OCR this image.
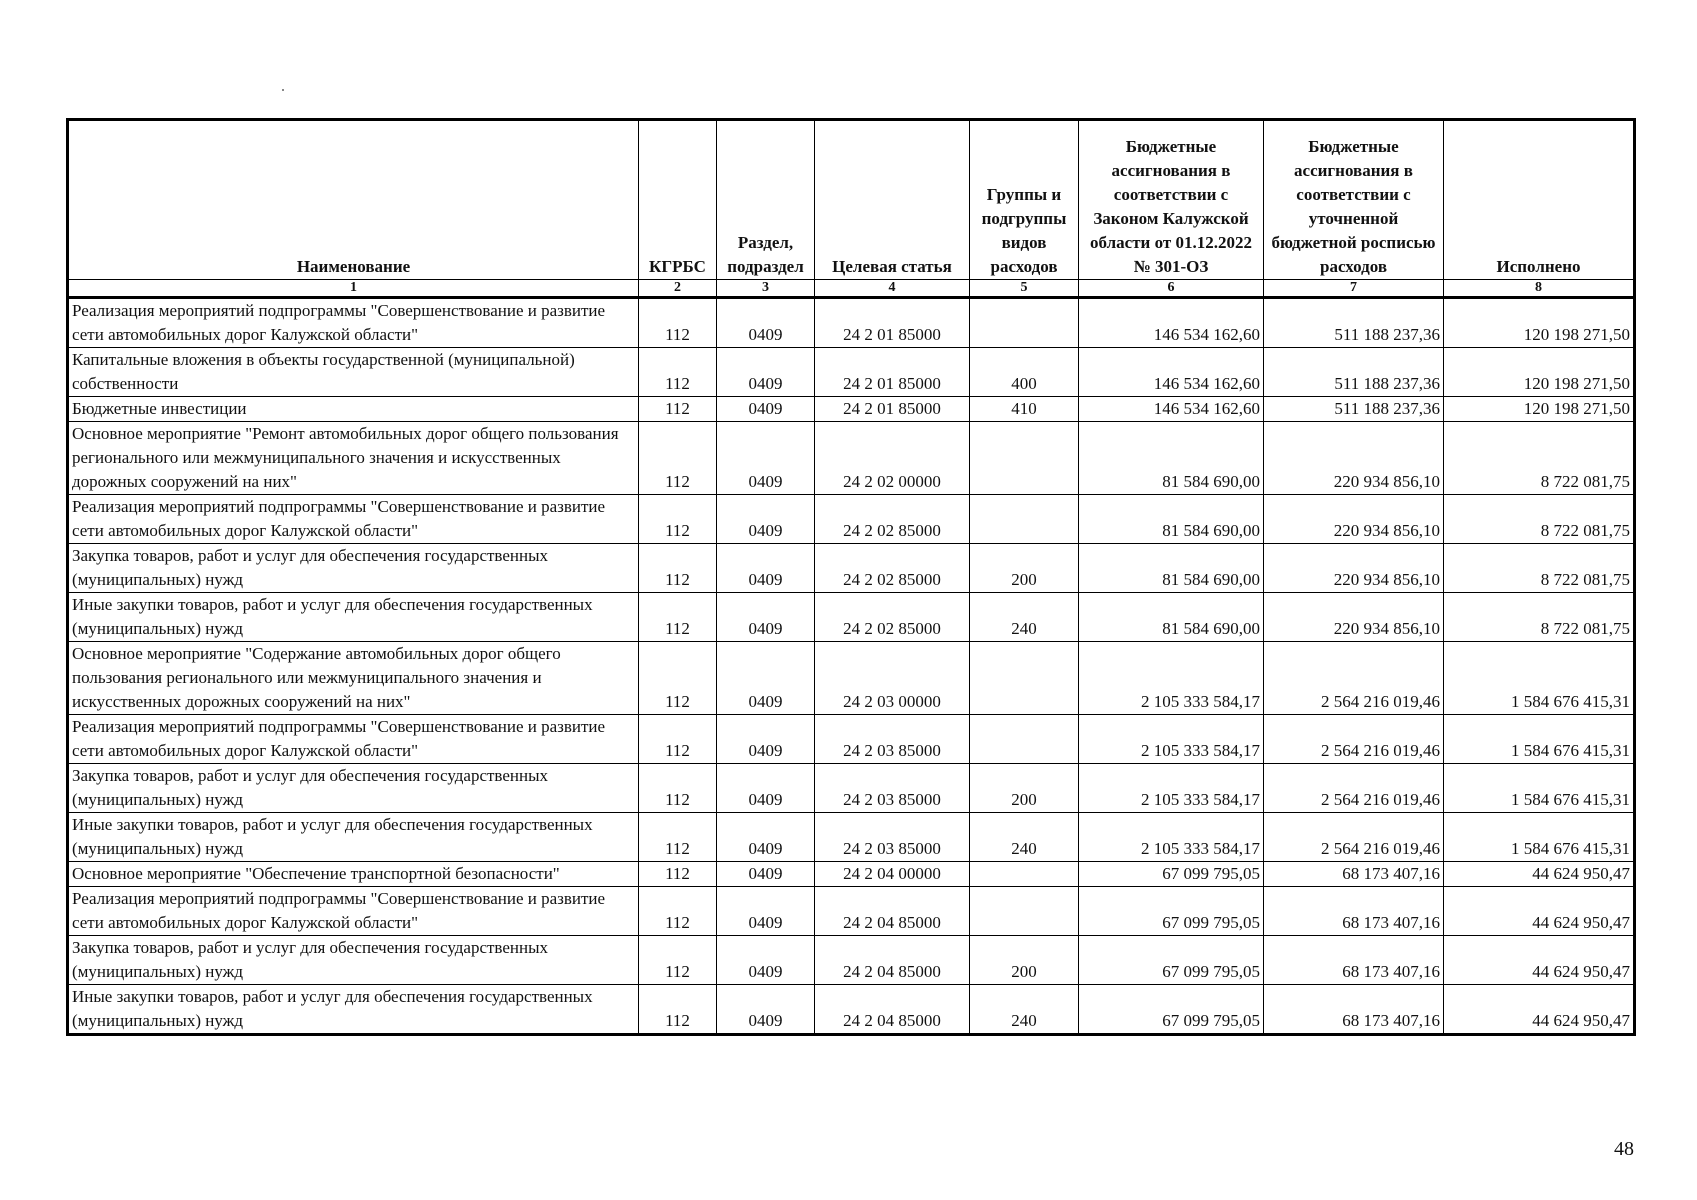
Наименование	КГРБС	Раздел, подраздел	Целевая статья	Группы и подгруппы видов расходов	Бюджетные ассигнования в соответствии с Законом Калужской области от 01.12.2022 № 301-ОЗ	Бюджетные ассигнования в соответствии с уточненной бюджетной росписью расходов	Исполнено
1	2	3	4	5	6	7	8
Реализация мероприятий подпрограммы "Совершенствование и развитие сети автомобильных дорог Калужской области"	112	0409	24 2 01 85000		146 534 162,60	511 188 237,36	120 198 271,50
Капитальные вложения в объекты государственной (муниципальной) собственности	112	0409	24 2 01 85000	400	146 534 162,60	511 188 237,36	120 198 271,50
Бюджетные инвестиции	112	0409	24 2 01 85000	410	146 534 162,60	511 188 237,36	120 198 271,50
Основное мероприятие "Ремонт автомобильных дорог общего пользования регионального или межмуниципального значения и искусственных дорожных сооружений на них"	112	0409	24 2 02 00000		81 584 690,00	220 934 856,10	8 722 081,75
Реализация мероприятий подпрограммы "Совершенствование и развитие сети автомобильных дорог Калужской области"	112	0409	24 2 02 85000		81 584 690,00	220 934 856,10	8 722 081,75
Закупка товаров, работ и услуг для обеспечения государственных (муниципальных) нужд	112	0409	24 2 02 85000	200	81 584 690,00	220 934 856,10	8 722 081,75
Иные закупки товаров, работ и услуг для обеспечения государственных (муниципальных) нужд	112	0409	24 2 02 85000	240	81 584 690,00	220 934 856,10	8 722 081,75
Основное мероприятие "Содержание автомобильных дорог общего пользования регионального или межмуниципального значения и искусственных дорожных сооружений на них"	112	0409	24 2 03 00000		2 105 333 584,17	2 564 216 019,46	1 584 676 415,31
Реализация мероприятий подпрограммы "Совершенствование и развитие сети автомобильных дорог Калужской области"	112	0409	24 2 03 85000		2 105 333 584,17	2 564 216 019,46	1 584 676 415,31
Закупка товаров, работ и услуг для обеспечения государственных (муниципальных) нужд	112	0409	24 2 03 85000	200	2 105 333 584,17	2 564 216 019,46	1 584 676 415,31
Иные закупки товаров, работ и услуг для обеспечения государственных (муниципальных) нужд	112	0409	24 2 03 85000	240	2 105 333 584,17	2 564 216 019,46	1 584 676 415,31
Основное мероприятие "Обеспечение транспортной безопасности"	112	0409	24 2 04 00000		67 099 795,05	68 173 407,16	44 624 950,47
Реализация мероприятий подпрограммы "Совершенствование и развитие сети автомобильных дорог Калужской области"	112	0409	24 2 04 85000		67 099 795,05	68 173 407,16	44 624 950,47
Закупка товаров, работ и услуг для обеспечения государственных (муниципальных) нужд	112	0409	24 2 04 85000	200	67 099 795,05	68 173 407,16	44 624 950,47
Иные закупки товаров, работ и услуг для обеспечения государственных (муниципальных) нужд	112	0409	24 2 04 85000	240	67 099 795,05	68 173 407,16	44 624 950,47
48
